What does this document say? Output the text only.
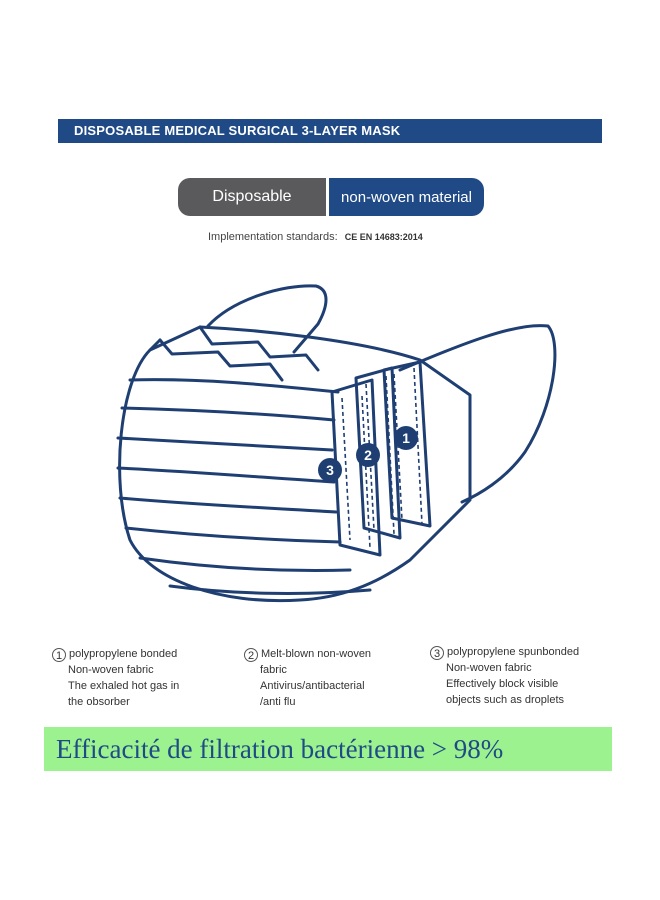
DISPOSABLE MEDICAL SURGICAL 3-LAYER MASK
Disposable	non-woven material
Implementation standards: CE EN 14683:2014
3
2
1
1 polypropylene bonded
Non-woven fabric
The exhaled hot gas in
the obsorber
2 Melt-blown non-woven
fabric
Antivirus/antibacterial
/anti flu
3 polypropylene spunbonded
Non-woven fabric
Effectively block visible
objects such as droplets
Efficacité de filtration bactérienne > 98%
